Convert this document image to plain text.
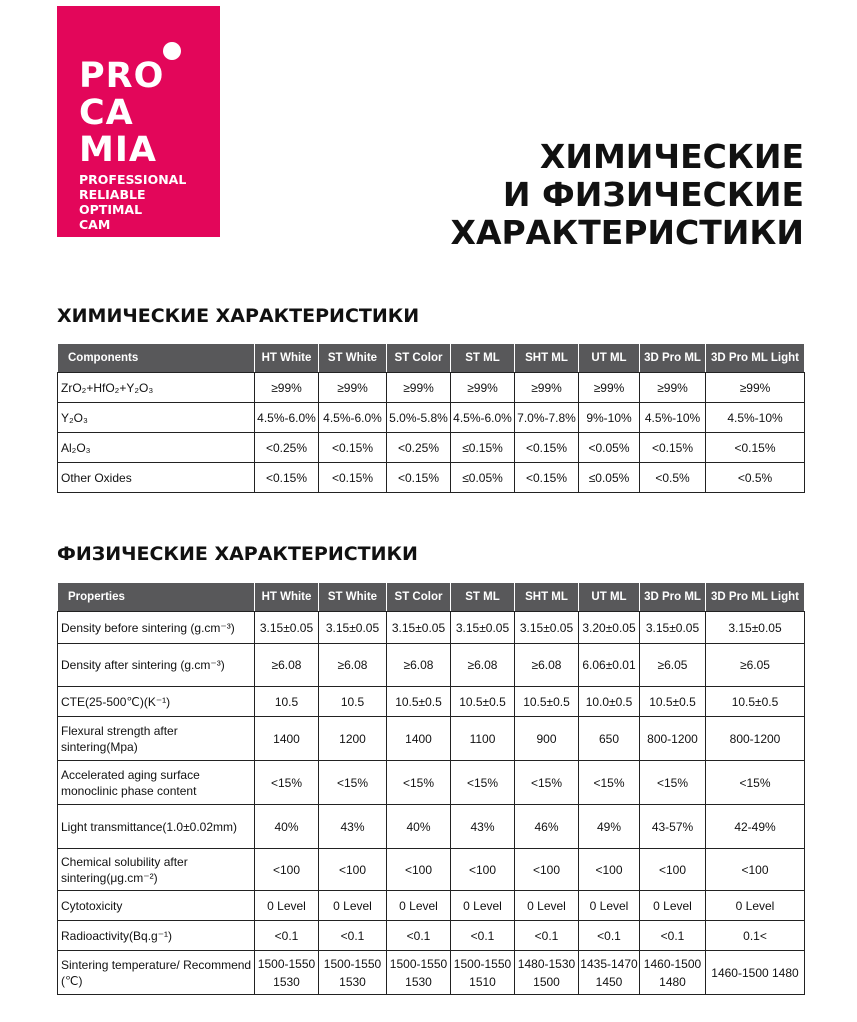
PRO
CA
MIA
PROFESSIONAL
RELIABLE
OPTIMAL
CAM
ХИМИЧЕСКИЕ
И ФИЗИЧЕСКИЕ
ХАРАКТЕРИСТИКИ
ХИМИЧЕСКИЕ ХАРАКТЕРИСТИКИ
Components	HT White	ST White	ST Color	ST ML	SHT ML	UT ML	3D Pro ML	3D Pro ML Light
ZrO₂+HfO₂+Y₂O₃	≥99%	≥99%	≥99%	≥99%	≥99%	≥99%	≥99%	≥99%
Y₂O₃	4.5%-6.0%	4.5%-6.0%	5.0%-5.8%	4.5%-6.0%	7.0%-7.8%	9%-10%	4.5%-10%	4.5%-10%
Al₂O₃	<0.25%	<0.15%	<0.25%	≤0.15%	<0.15%	<0.05%	<0.15%	<0.15%
Other Oxides	<0.15%	<0.15%	<0.15%	≤0.05%	<0.15%	≤0.05%	<0.5%	<0.5%
ФИЗИЧЕСКИЕ ХАРАКТЕРИСТИКИ
Properties	HT White	ST White	ST Color	ST ML	SHT ML	UT ML	3D Pro ML	3D Pro ML Light
Density before sintering (g.cm⁻³)	3.15±0.05	3.15±0.05	3.15±0.05	3.15±0.05	3.15±0.05	3.20±0.05	3.15±0.05	3.15±0.05
Density after sintering (g.cm⁻³)	≥6.08	≥6.08	≥6.08	≥6.08	≥6.08	6.06±0.01	≥6.05	≥6.05
CTE(25-500℃)(K⁻¹)	10.5	10.5	10.5±0.5	10.5±0.5	10.5±0.5	10.0±0.5	10.5±0.5	10.5±0.5
Flexural strength after sintering(Mpa)	1400	1200	1400	1100	900	650	800-1200	800-1200
Accelerated aging surface monoclinic phase content	<15%	<15%	<15%	<15%	<15%	<15%	<15%	<15%
Light transmittance(1.0±0.02mm)	40%	43%	40%	43%	46%	49%	43-57%	42-49%
Chemical solubility after sintering(μg.cm⁻²)	<100	<100	<100	<100	<100	<100	<100	<100
Cytotoxicity	0 Level	0 Level	0 Level	0 Level	0 Level	0 Level	0 Level	0 Level
Radioactivity(Bq.g⁻¹)	<0.1	<0.1	<0.1	<0.1	<0.1	<0.1	<0.1	0.1<
Sintering temperature/ Recommend (℃)	1500-1550 1530	1500-1550 1530	1500-1550 1530	1500-1550 1510	1480-1530 1500	1435-1470 1450	1460-1500 1480	1460-1500 1480
